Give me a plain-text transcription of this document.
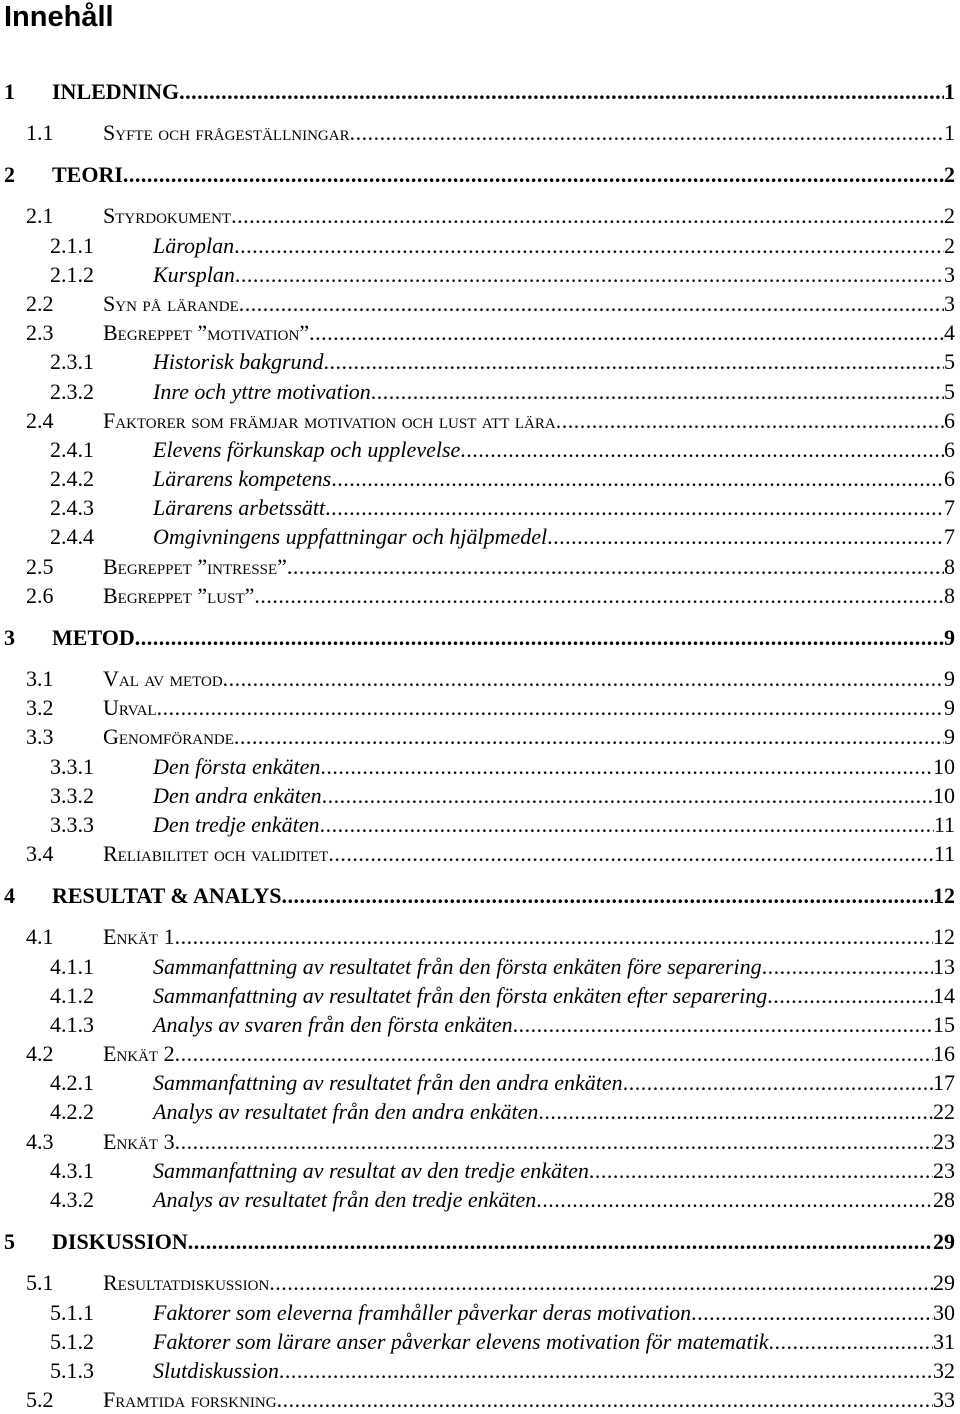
Innehåll
1 INLEDNING . . .	1
1.1 Syfte och frågeställningar . . .	1
2 TEORI . . .	2
2.1 Styrdokument . . .	2
2.1.1	Läroplan . . .	2
2.1.2	Kursplan . . .	3
2.2 Syn på lärande . . .	3
2.3 Begreppet ”motivation” . . .	4
2.3.1	Historisk bakgrund . . .	5
2.3.2	Inre och yttre motivation . . .	5
2.4 Faktorer som främjar motivation och lust att lära . . .	6
2.4.1	Elevens förkunskap och upplevelse . . .	6
2.4.2	Lärarens kompetens . . .	6
2.4.3	Lärarens arbetssätt . . .	7
2.4.4	Omgivningens uppfattningar och hjälpmedel . . .	7
2.5 Begreppet ”intresse” . . .	8
2.6 Begreppet ”lust” . . .	8
3 METOD . . .	9
3.1 Val av metod . . .	9
3.2 Urval . . .	9
3.3 Genomförande . . .	9
3.3.1	Den första enkäten . . .	10
3.3.2	Den andra enkäten . . .	10
3.3.3	Den tredje enkäten . . .	11
3.4 Reliabilitet och validitet . . .	11
4 RESULTAT & ANALYS . . .	12
4.1 Enkät 1 . . .	12
4.1.1	Sammanfattning av resultatet från den första enkäten före separering . . .	13
4.1.2	Sammanfattning av resultatet från den första enkäten efter separering . . .	14
4.1.3	Analys av svaren från den första enkäten . . .	15
4.2 Enkät 2 . . .	16
4.2.1	Sammanfattning av resultatet från den andra enkäten . . .	17
4.2.2	Analys av resultatet från den andra enkäten . . .	22
4.3 Enkät 3 . . .	23
4.3.1	Sammanfattning av resultat av den tredje enkäten . . .	23
4.3.2	Analys av resultatet från den tredje enkäten . . .	28
5 DISKUSSION . . .	29
5.1 Resultatdiskussion . . .	29
5.1.1	Faktorer som eleverna framhåller påverkar deras motivation . . .	30
5.1.2	Faktorer som lärare anser påverkar elevens motivation för matematik . . .	31
5.1.3	Slutdiskussion . . .	32
5.2 Framtida forskning . . .	33
